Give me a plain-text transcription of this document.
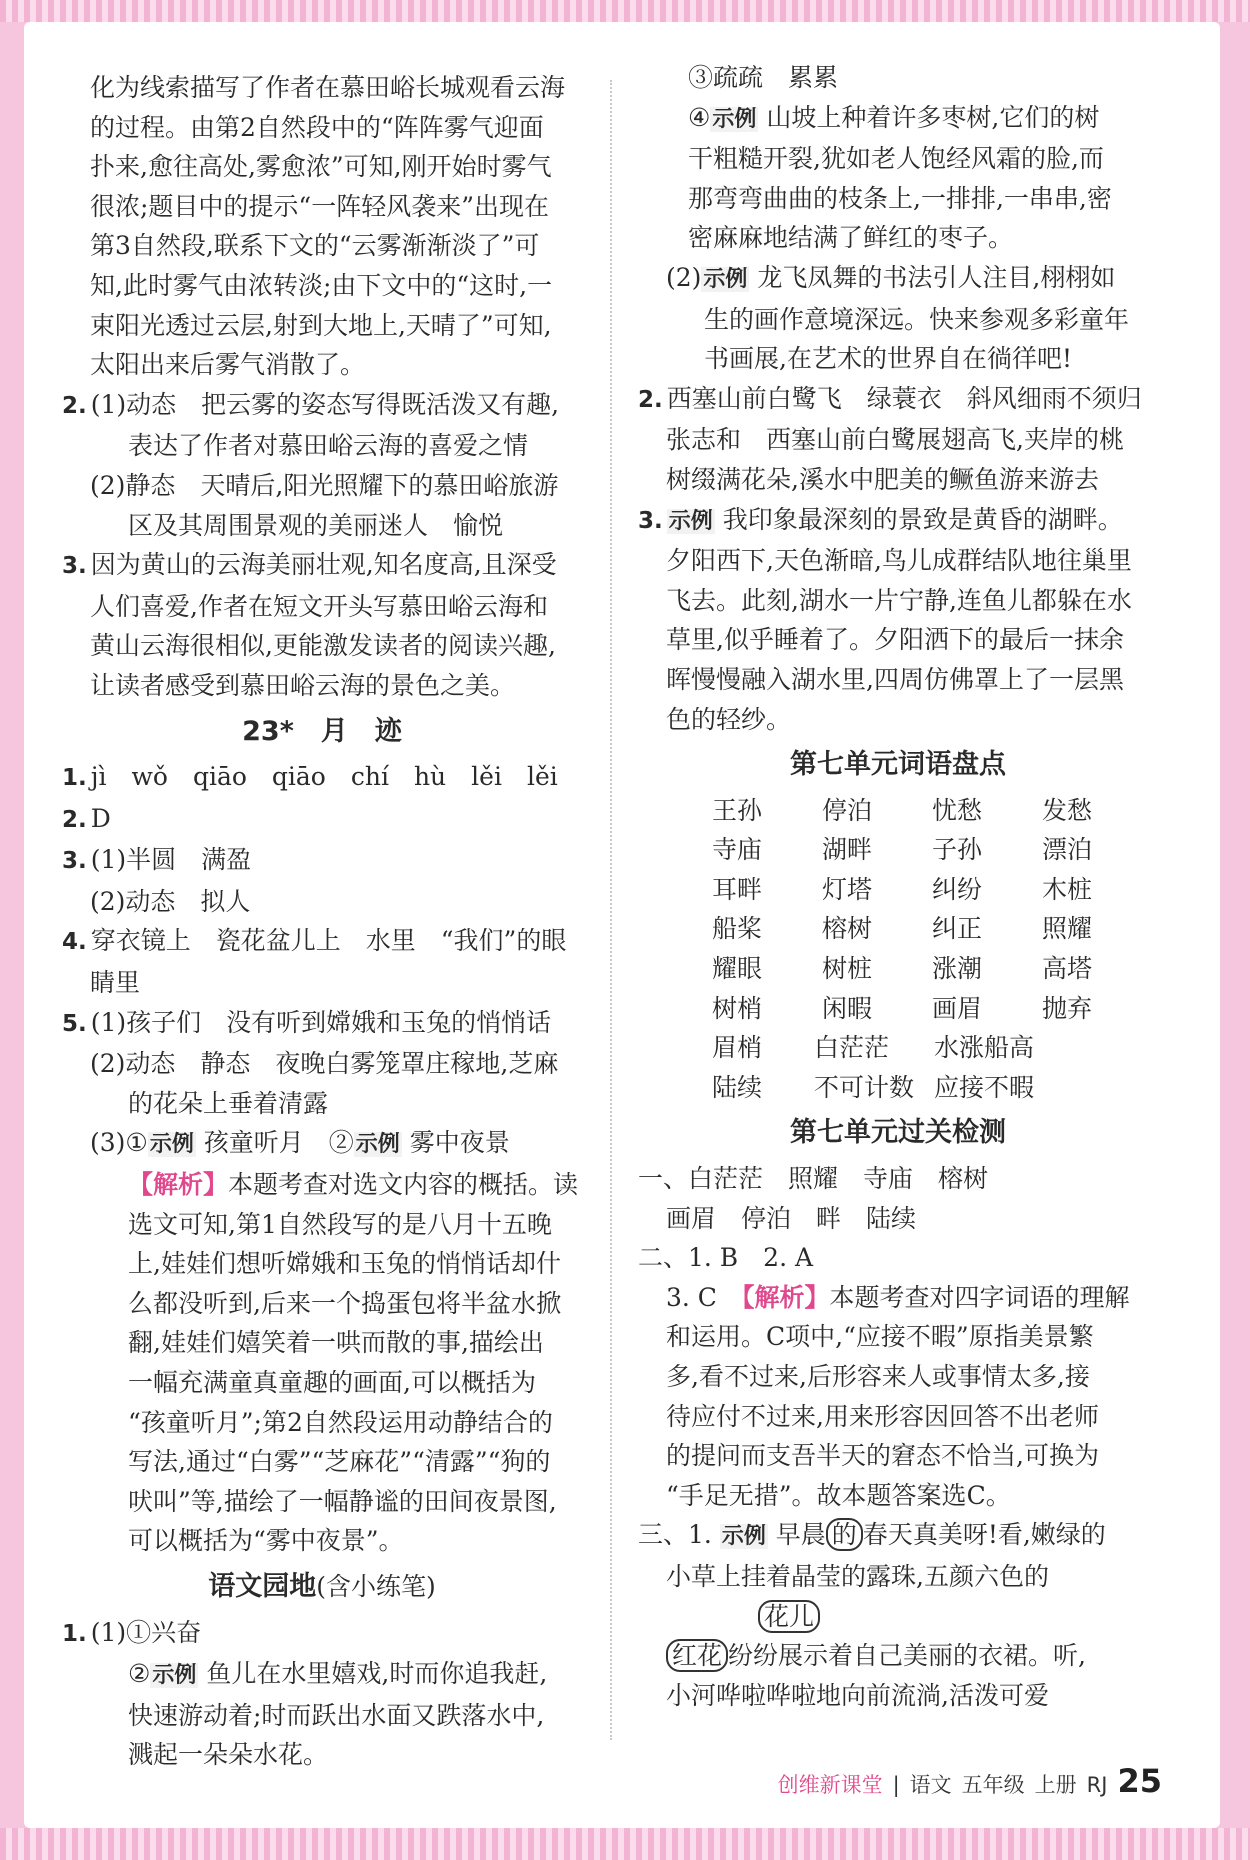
化为线索描写了作者在慕田峪长城观看云海
的过程。由第2自然段中的“阵阵雾气迎面
扑来,愈往高处,雾愈浓”可知,刚开始时雾气
很浓;题目中的提示“一阵轻风袭来”出现在
第3自然段,联系下文的“云雾渐渐淡了”可
知,此时雾气由浓转淡;由下文中的“这时,一
束阳光透过云层,射到大地上,天晴了”可知,
太阳出来后雾气消散了。

2. (1)动态　把云雾的姿态写得既活泼又有趣,
表达了作者对慕田峪云海的喜爱之情
(2)静态　天晴后,阳光照耀下的慕田峪旅游
区及其周围景观的美丽迷人　愉悦

3. 因为黄山的云海美丽壮观,知名度高,且深受
人们喜爱,作者在短文开头写慕田峪云海和
黄山云海很相似,更能激发读者的阅读兴趣,
让读者感受到慕田峪云海的景色之美。

23*　月　迹

1. jì　wǒ　qiāo　qiāo　chí　hù　lěi　lěi

2. D

3. (1)半圆　满盈
(2)动态　拟人

4. 穿衣镜上　瓷花盆儿上　水里　“我们”的眼
睛里

5. (1)孩子们　没有听到嫦娥和玉兔的悄悄话
(2)动态　静态　夜晚白雾笼罩庄稼地,芝麻
的花朵上垂着清露
(3)①示例 孩童听月　②示例 雾中夜景

【解析】本题考查对选文内容的概括。读
选文可知,第1自然段写的是八月十五晚
上,娃娃们想听嫦娥和玉兔的悄悄话却什
么都没听到,后来一个捣蛋包将半盆水掀
翻,娃娃们嬉笑着一哄而散的事,描绘出
一幅充满童真童趣的画面,可以概括为
“孩童听月”;第2自然段运用动静结合的
写法,通过“白雾”“芝麻花”“清露”“狗的
吠叫”等,描绘了一幅静谧的田间夜景图,
可以概括为“雾中夜景”。

语文园地(含小练笔)

1. (1)①兴奋
②示例 鱼儿在水里嬉戏,时而你追我赶,
快速游动着;时而跃出水面又跌落水中,
溅起一朵朵水花。

③疏疏　累累
④示例 山坡上种着许多枣树,它们的树
干粗糙开裂,犹如老人饱经风霜的脸,而
那弯弯曲曲的枝条上,一排排,一串串,密
密麻麻地结满了鲜红的枣子。

(2)示例 龙飞凤舞的书法引人注目,栩栩如
生的画作意境深远。快来参观多彩童年
书画展,在艺术的世界自在徜徉吧!

2. 西塞山前白鹭飞　绿蓑衣　斜风细雨不须归
张志和　西塞山前白鹭展翅高飞,夹岸的桃
树缀满花朵,溪水中肥美的鳜鱼游来游去

3. 示例 我印象最深刻的景致是黄昏的湖畔。
夕阳西下,天色渐暗,鸟儿成群结队地往巢里
飞去。此刻,湖水一片宁静,连鱼儿都躲在水
草里,似乎睡着了。夕阳洒下的最后一抹余
晖慢慢融入湖水里,四周仿佛罩上了一层黑
色的轻纱。

第七单元词语盘点
王孙	停泊	忧愁	发愁
寺庙	湖畔	子孙	漂泊
耳畔	灯塔	纠纷	木桩
船桨	榕树	纠正	照耀
耀眼	树桩	涨潮	高塔
树梢	闲暇	画眉	抛弃
眉梢	白茫茫	水涨船高
陆续	不可计数 应接不暇
第七单元过关检测

一、白茫茫　照耀　寺庙　榕树
画眉　停泊　畔　陆续

二、1. B　2. A
3. C　【解析】本题考查对四字词语的理解
和运用。C项中,“应接不暇”原指美景繁
多,看不过来,后形容来人或事情太多,接
待应付不过来,用来形容因回答不出老师
的提问而支吾半天的窘态不恰当,可换为
“手足无措”。故本题答案选C。

三、1. 示例 早晨 的 春天真美呀!看,嫩绿的
小草上挂着晶莹的露珠,五颜六色的
花儿
红花 纷纷展示着自己美丽的衣裙。听,
小河哗啦哗啦地向前流淌,活泼可爱

创维新课堂 | 语文 五年级 上册 RJ 25
